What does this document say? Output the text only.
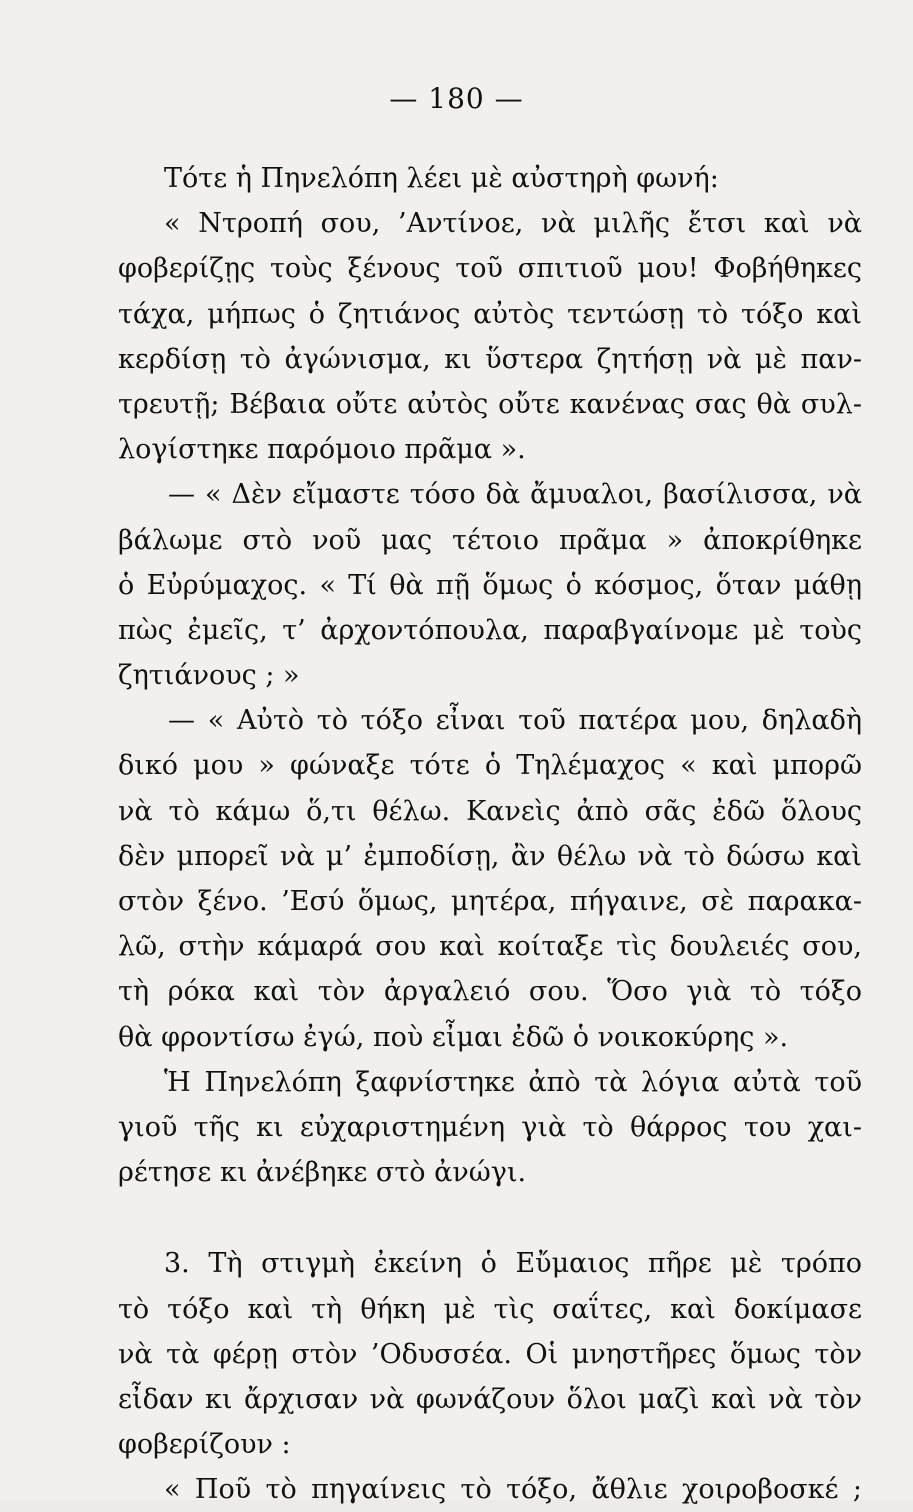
— 180 —
Τότε ἡ Πηνελόπη λέει μὲ αὐστηρὴ φωνή:
« Ντροπή σου, ’Αντίνοε, νὰ μιλῆς ἔτσι καὶ νὰ
φοβερίζῃς τοὺς ξένους τοῦ σπιτιοῦ μου! Φοβήθηκες
τάχα, μήπως ὁ ζητιάνος αὐτὸς τεντώσῃ τὸ τόξο καὶ
κερδίσῃ τὸ ἀγώνισμα, κι ὕστερα ζητήσῃ νὰ μὲ παν-
τρευτῇ; Βέβαια οὔτε αὐτὸς οὔτε κανένας σας θὰ συλ-
λογίστηκε παρόμοιο πρᾶμα ».
— « Δὲν εἴμαστε τόσο δὰ ἄμυαλοι, βασίλισσα, νὰ
βάλωμε στὸ νοῦ μας τέτοιο πρᾶμα » ἀποκρίθηκε
ὁ Εὐρύμαχος. « Τί θὰ πῇ ὅμως ὁ κόσμος, ὅταν μάθῃ
πὼς ἐμεῖς, τ’ ἀρχοντόπουλα, παραβγαίνομε μὲ τοὺς
ζητιάνους ; »
— « Αὐτὸ τὸ τόξο εἶναι τοῦ πατέρα μου, δηλαδὴ
δικό μου » φώναξε τότε ὁ Τηλέμαχος « καὶ μπορῶ
νὰ τὸ κάμω ὅ,τι θέλω. Κανεὶς ἀπὸ σᾶς ἐδῶ ὅλους
δὲν μπορεῖ νὰ μ’ ἐμποδίσῃ, ἂν θέλω νὰ τὸ δώσω καὶ
στὸν ξένο. ’Εσύ ὅμως, μητέρα, πήγαινε, σὲ παρακα-
λῶ, στὴν κάμαρά σου καὶ κοίταξε τὶς δουλειές σου,
τὴ ρόκα καὶ τὸν ἀργαλειό σου. Ὅσο γιὰ τὸ τόξο
θὰ φροντίσω ἐγώ, ποὺ εἶμαι ἐδῶ ὁ νοικοκύρης ».
Ἡ Πηνελόπη ξαφνίστηκε ἀπὸ τὰ λόγια αὐτὰ τοῦ
γιοῦ τῆς κι εὐχαριστημένη γιὰ τὸ θάρρος του χαι-
ρέτησε κι ἀνέβηκε στὸ ἀνώγι.
3. Τὴ στιγμὴ ἐκείνη ὁ Εὔμαιος πῆρε μὲ τρόπο
τὸ τόξο καὶ τὴ θήκη μὲ τὶς σαΐτες, καὶ δοκίμασε
νὰ τὰ φέρῃ στὸν ’Οδυσσέα. Οἱ μνηστῆρες ὅμως τὸν
εἶδαν κι ἄρχισαν νὰ φωνάζουν ὅλοι μαζὶ καὶ νὰ τὸν
φοβερίζουν :
« Ποῦ τὸ πηγαίνεις τὸ τόξο, ἄθλιε χοιροβοσκέ ;
